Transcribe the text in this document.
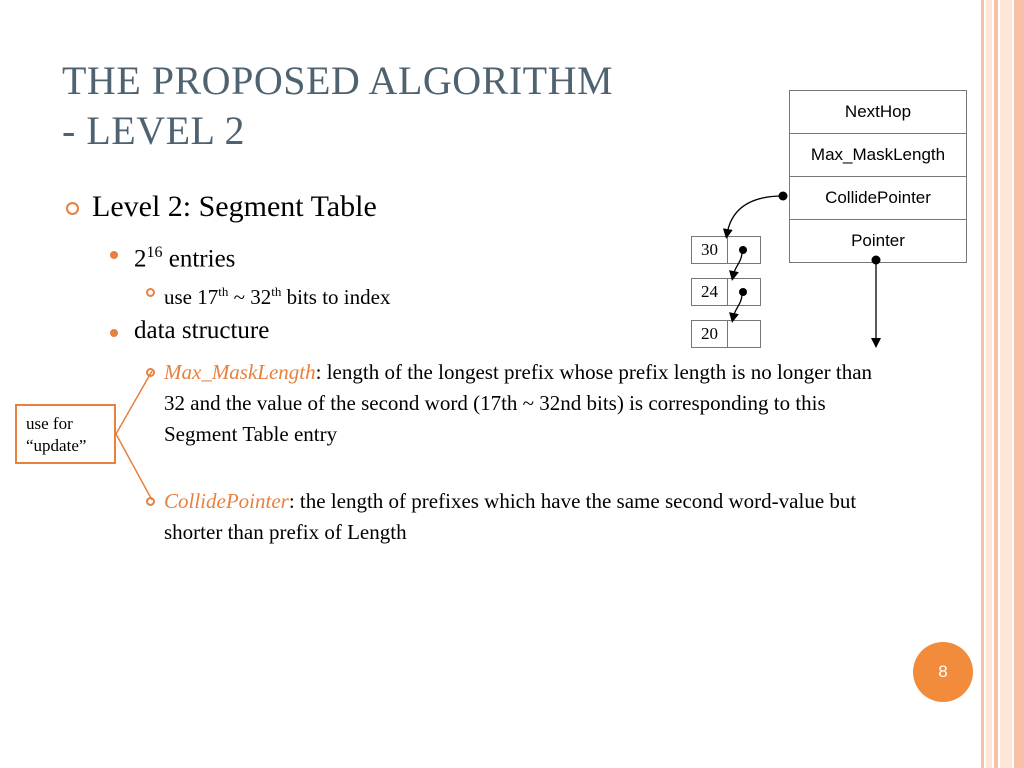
THE PROPOSED ALGORITHM
- LEVEL 2
Level 2: Segment Table
$2^{16}$ entries
use 17th ~ 32th bits to index
data structure
Max_MaskLength: length of the longest prefix whose prefix length is no longer than 32 and the value of the second word (17th ~ 32nd bits) is corresponding to this Segment Table entry
CollidePointer: the length of prefixes which have the same second word-value but shorter than prefix of Length
use for
“update”
NextHop
Max_MaskLength
CollidePointer
Pointer
30
24
20
8
